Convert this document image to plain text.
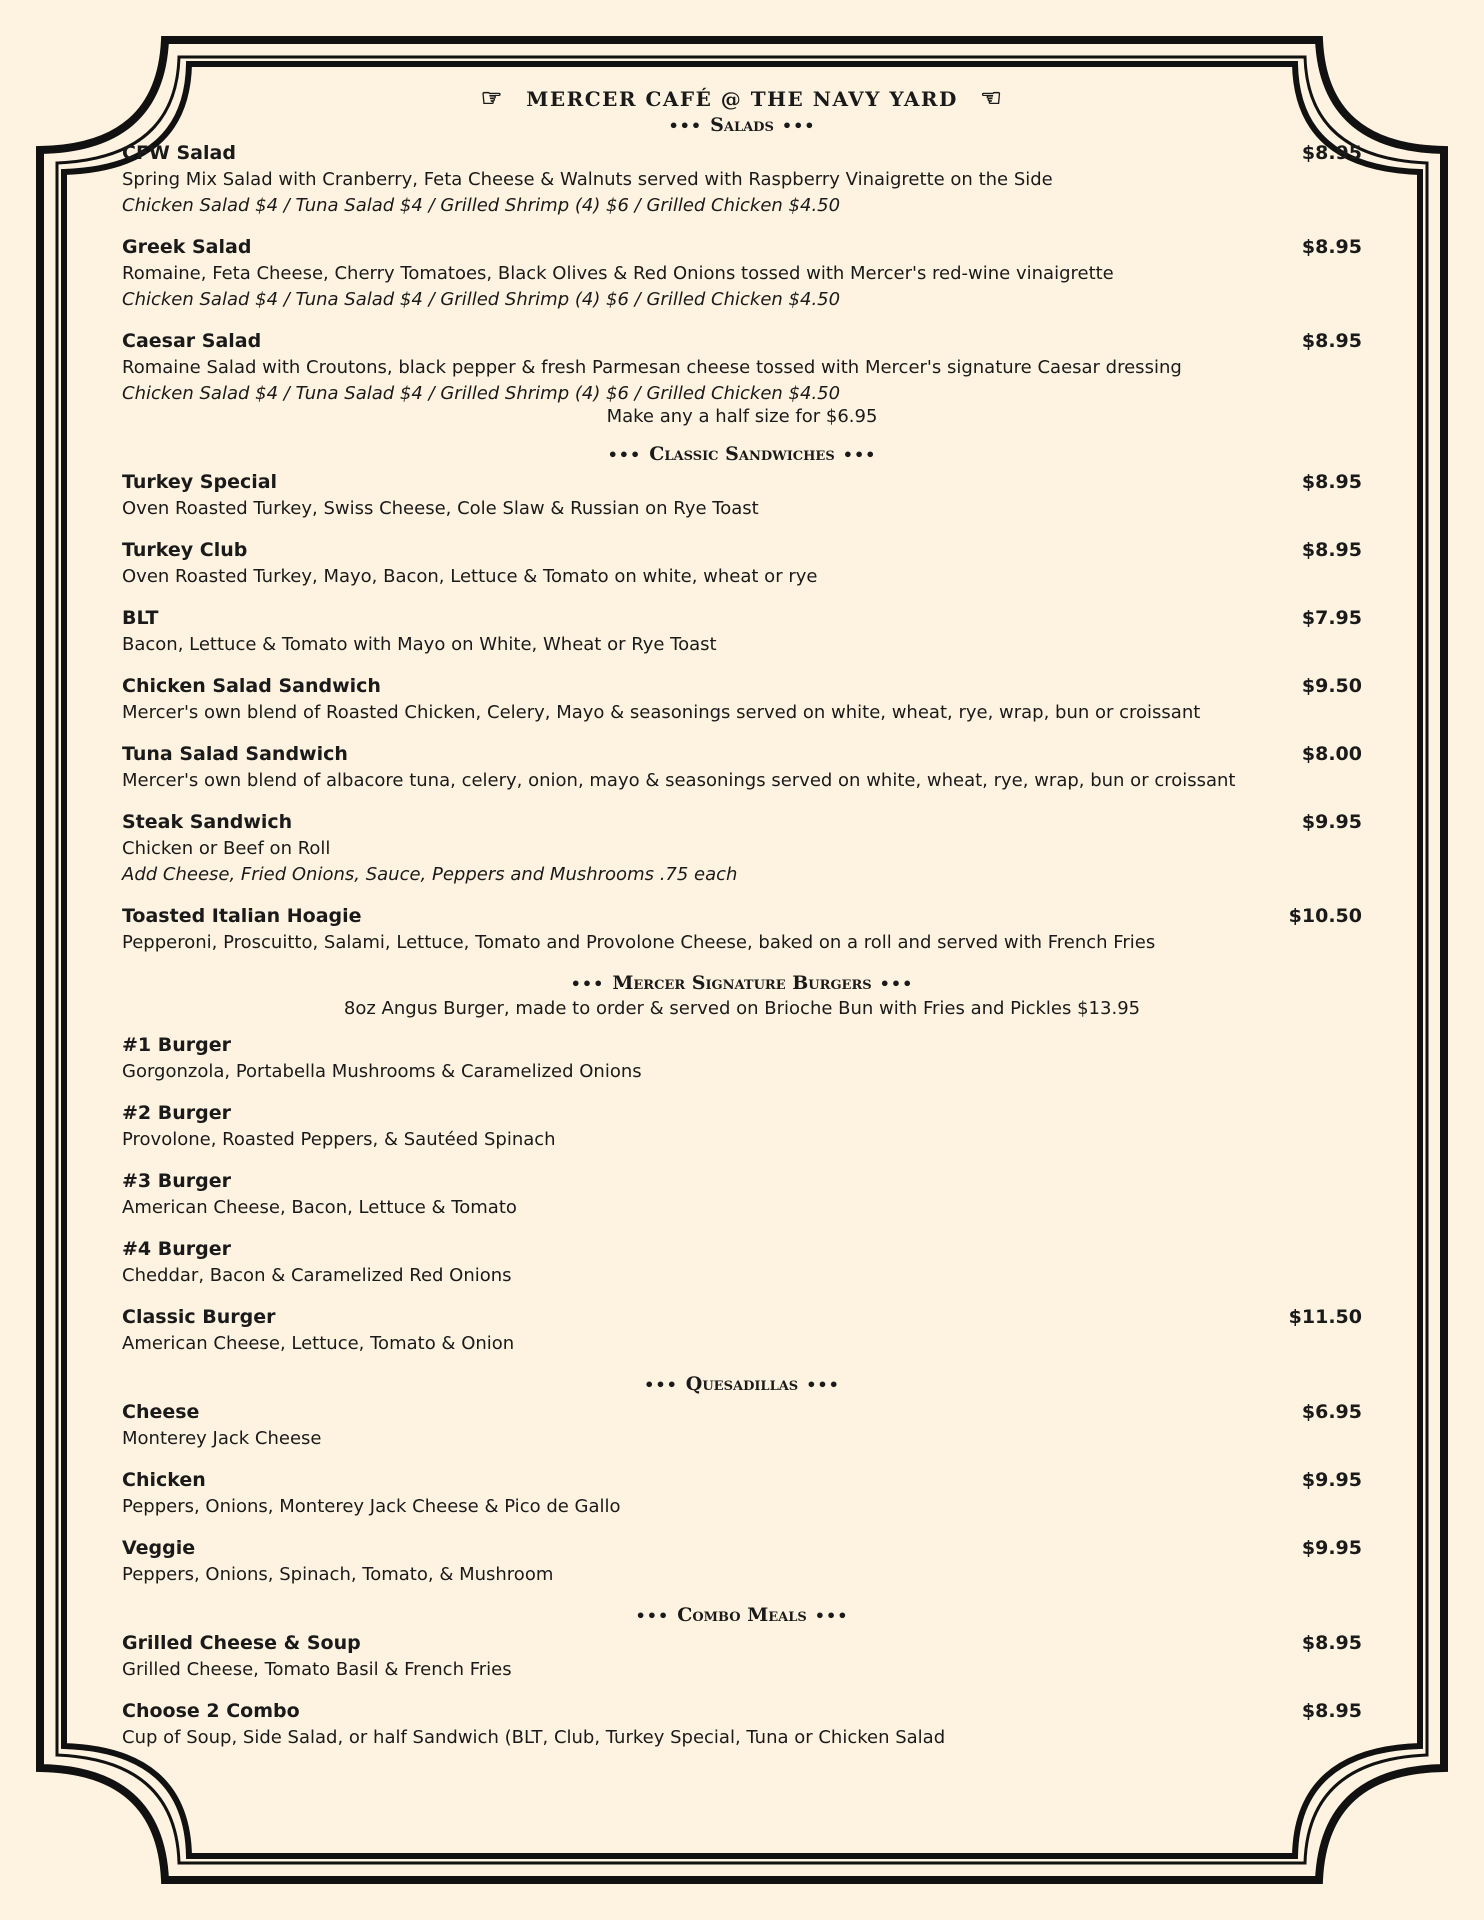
☞ MERCER CAFÉ @ THE NAVY YARD ☜
••• Salads •••
CFW Salad	$8.95
Spring Mix Salad with Cranberry, Feta Cheese & Walnuts served with Raspberry Vinaigrette on the Side
Chicken Salad $4 / Tuna Salad $4 / Grilled Shrimp (4) $6 / Grilled Chicken $4.50
Greek Salad	$8.95
Romaine, Feta Cheese, Cherry Tomatoes, Black Olives & Red Onions tossed with Mercer's red-wine vinaigrette
Chicken Salad $4 / Tuna Salad $4 / Grilled Shrimp (4) $6 / Grilled Chicken $4.50
Caesar Salad	$8.95
Romaine Salad with Croutons, black pepper & fresh Parmesan cheese tossed with Mercer's signature Caesar dressing
Chicken Salad $4 / Tuna Salad $4 / Grilled Shrimp (4) $6 / Grilled Chicken $4.50
Make any a half size for $6.95
••• Classic Sandwiches •••
Turkey Special	$8.95
Oven Roasted Turkey, Swiss Cheese, Cole Slaw & Russian on Rye Toast
Turkey Club	$8.95
Oven Roasted Turkey, Mayo, Bacon, Lettuce & Tomato on white, wheat or rye
BLT	$7.95
Bacon, Lettuce & Tomato with Mayo on White, Wheat or Rye Toast
Chicken Salad Sandwich	$9.50
Mercer's own blend of Roasted Chicken, Celery, Mayo & seasonings served on white, wheat, rye, wrap, bun or croissant
Tuna Salad Sandwich	$8.00
Mercer's own blend of albacore tuna, celery, onion, mayo & seasonings served on white, wheat, rye, wrap, bun or croissant
Steak Sandwich	$9.95
Chicken or Beef on Roll
Add Cheese, Fried Onions, Sauce, Peppers and Mushrooms .75 each
Toasted Italian Hoagie	$10.50
Pepperoni, Proscuitto, Salami, Lettuce, Tomato and Provolone Cheese, baked on a roll and served with French Fries
••• Mercer Signature Burgers •••
8oz Angus Burger, made to order & served on Brioche Bun with Fries and Pickles $13.95
#1 Burger
Gorgonzola, Portabella Mushrooms & Caramelized Onions
#2 Burger
Provolone, Roasted Peppers, & Sautéed Spinach
#3 Burger
American Cheese, Bacon, Lettuce & Tomato
#4 Burger
Cheddar, Bacon & Caramelized Red Onions
Classic Burger	$11.50
American Cheese, Lettuce, Tomato & Onion
••• Quesadillas •••
Cheese	$6.95
Monterey Jack Cheese
Chicken	$9.95
Peppers, Onions, Monterey Jack Cheese & Pico de Gallo
Veggie	$9.95
Peppers, Onions, Spinach, Tomato, & Mushroom
••• Combo Meals •••
Grilled Cheese & Soup	$8.95
Grilled Cheese, Tomato Basil & French Fries
Choose 2 Combo	$8.95
Cup of Soup, Side Salad, or half Sandwich (BLT, Club, Turkey Special, Tuna or Chicken Salad
